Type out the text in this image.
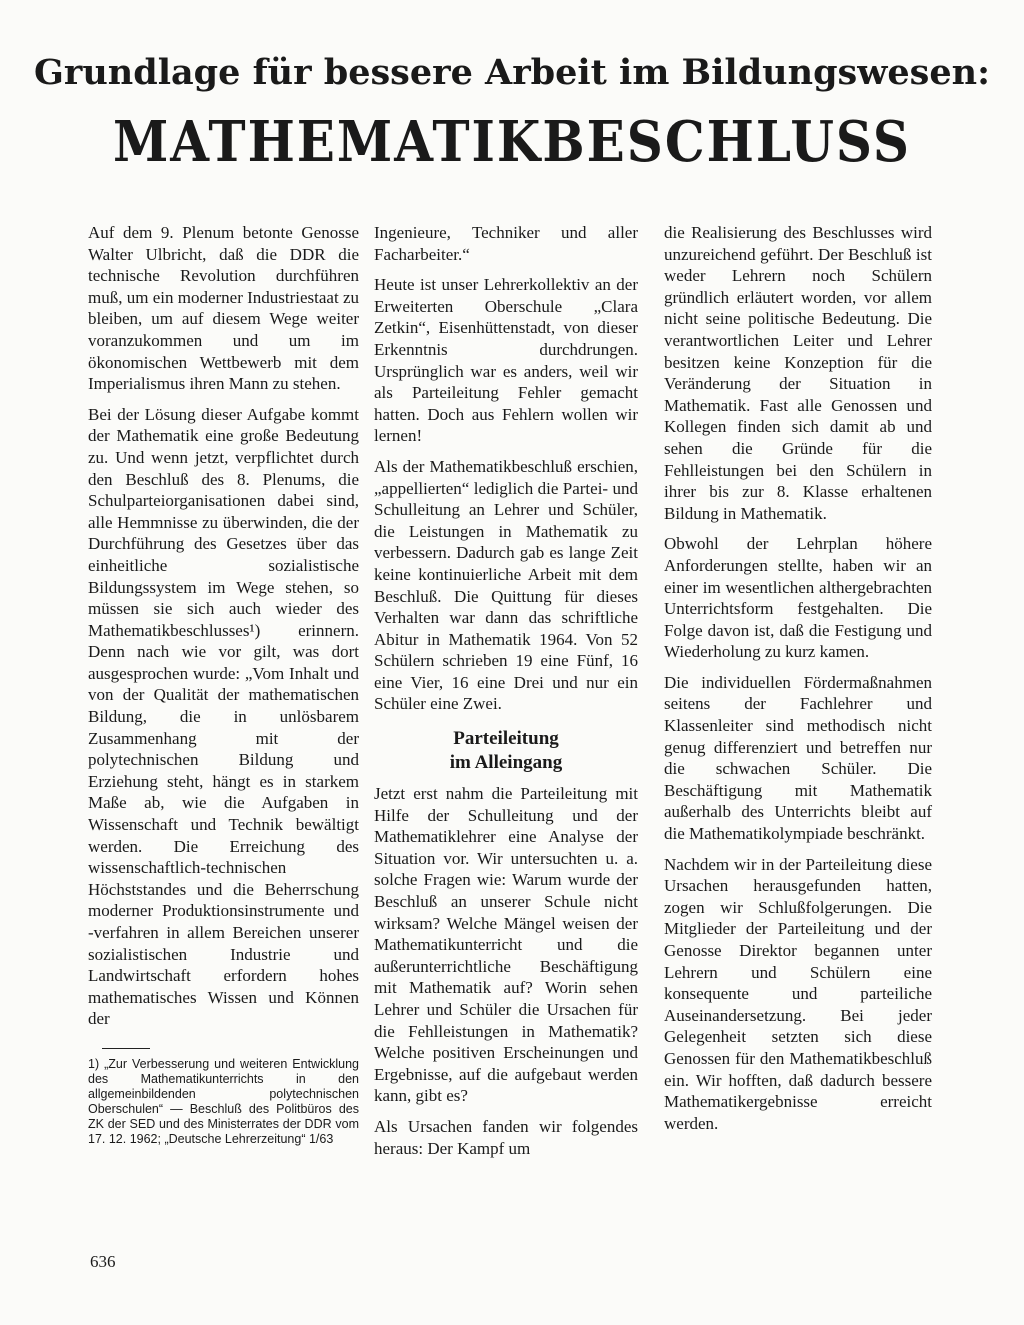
Grundlage für bessere Arbeit im Bildungswesen:
MATHEMATIKBESCHLUSS

Auf dem 9. Plenum betonte Genosse Walter Ulbricht, daß die DDR die technische Revolution durchführen muß, um ein moderner Industriestaat zu bleiben, um auf diesem Wege weiter voranzukommen und um im ökonomischen Wettbewerb mit dem Imperialismus ihren Mann zu stehen.

Bei der Lösung dieser Aufgabe kommt der Mathematik eine große Bedeutung zu. Und wenn jetzt, verpflichtet durch den Beschluß des 8. Plenums, die Schulparteiorganisationen dabei sind, alle Hemmnisse zu überwinden, die der Durchführung des Gesetzes über das einheitliche sozialistische Bildungssystem im Wege stehen, so müssen sie sich auch wieder des Mathematikbeschlusses¹) erinnern. Denn nach wie vor gilt, was dort ausgesprochen wurde: „Vom Inhalt und von der Qualität der mathematischen Bildung, die in unlösbarem Zusammenhang mit der polytechnischen Bildung und Erziehung steht, hängt es in starkem Maße ab, wie die Aufgaben in Wissenschaft und Technik bewältigt werden. Die Erreichung des wissenschaftlich-technischen Höchststandes und die Beherrschung moderner Produktionsinstrumente und -verfahren in allem Bereichen unserer sozialistischen Industrie und Landwirtschaft erfordern hohes mathematisches Wissen und Können der

1) „Zur Verbesserung und weiteren Entwicklung des Mathematikunterrichts in den allgemeinbildenden polytechnischen Oberschulen“ — Beschluß des Politbüros des ZK der SED und des Ministerrates der DDR vom 17. 12. 1962; „Deutsche Lehrerzeitung“ 1/63

Ingenieure, Techniker und aller Facharbeiter.“

Heute ist unser Lehrerkollektiv an der Erweiterten Oberschule „Clara Zetkin“, Eisenhüttenstadt, von dieser Erkenntnis durchdrungen. Ursprünglich war es anders, weil wir als Parteileitung Fehler gemacht hatten. Doch aus Fehlern wollen wir lernen!

Als der Mathematikbeschluß erschien, „appellierten“ lediglich die Partei- und Schulleitung an Lehrer und Schüler, die Leistungen in Mathematik zu verbessern. Dadurch gab es lange Zeit keine kontinuierliche Arbeit mit dem Beschluß. Die Quittung für dieses Verhalten war dann das schriftliche Abitur in Mathematik 1964. Von 52 Schülern schrieben 19 eine Fünf, 16 eine Vier, 16 eine Drei und nur ein Schüler eine Zwei.

Parteileitung
im Alleingang

Jetzt erst nahm die Parteileitung mit Hilfe der Schulleitung und der Mathematiklehrer eine Analyse der Situation vor. Wir untersuchten u. a. solche Fragen wie: Warum wurde der Beschluß an unserer Schule nicht wirksam? Welche Mängel weisen der Mathematikunterricht und die außerunterrichtliche Beschäftigung mit Mathematik auf? Worin sehen Lehrer und Schüler die Ursachen für die Fehlleistungen in Mathematik? Welche positiven Erscheinungen und Ergebnisse, auf die aufgebaut werden kann, gibt es?

Als Ursachen fanden wir folgendes heraus: Der Kampf um

die Realisierung des Beschlusses wird unzureichend geführt. Der Beschluß ist weder Lehrern noch Schülern gründlich erläutert worden, vor allem nicht seine politische Bedeutung. Die verantwortlichen Leiter und Lehrer besitzen keine Konzeption für die Veränderung der Situation in Mathematik. Fast alle Genossen und Kollegen finden sich damit ab und sehen die Gründe für die Fehlleistungen bei den Schülern in ihrer bis zur 8. Klasse erhaltenen Bildung in Mathematik.

Obwohl der Lehrplan höhere Anforderungen stellte, haben wir an einer im wesentlichen althergebrachten Unterrichtsform festgehalten. Die Folge davon ist, daß die Festigung und Wiederholung zu kurz kamen.

Die individuellen Fördermaßnahmen seitens der Fachlehrer und Klassenleiter sind methodisch nicht genug differenziert und betreffen nur die schwachen Schüler. Die Beschäftigung mit Mathematik außerhalb des Unterrichts bleibt auf die Mathematikolympiade beschränkt.

Nachdem wir in der Parteileitung diese Ursachen herausgefunden hatten, zogen wir Schlußfolgerungen. Die Mitglieder der Parteileitung und der Genosse Direktor begannen unter Lehrern und Schülern eine konsequente und parteiliche Auseinandersetzung. Bei jeder Gelegenheit setzten sich diese Genossen für den Mathematikbeschluß ein. Wir hofften, daß dadurch bessere Mathematikergebnisse erreicht werden.

636
